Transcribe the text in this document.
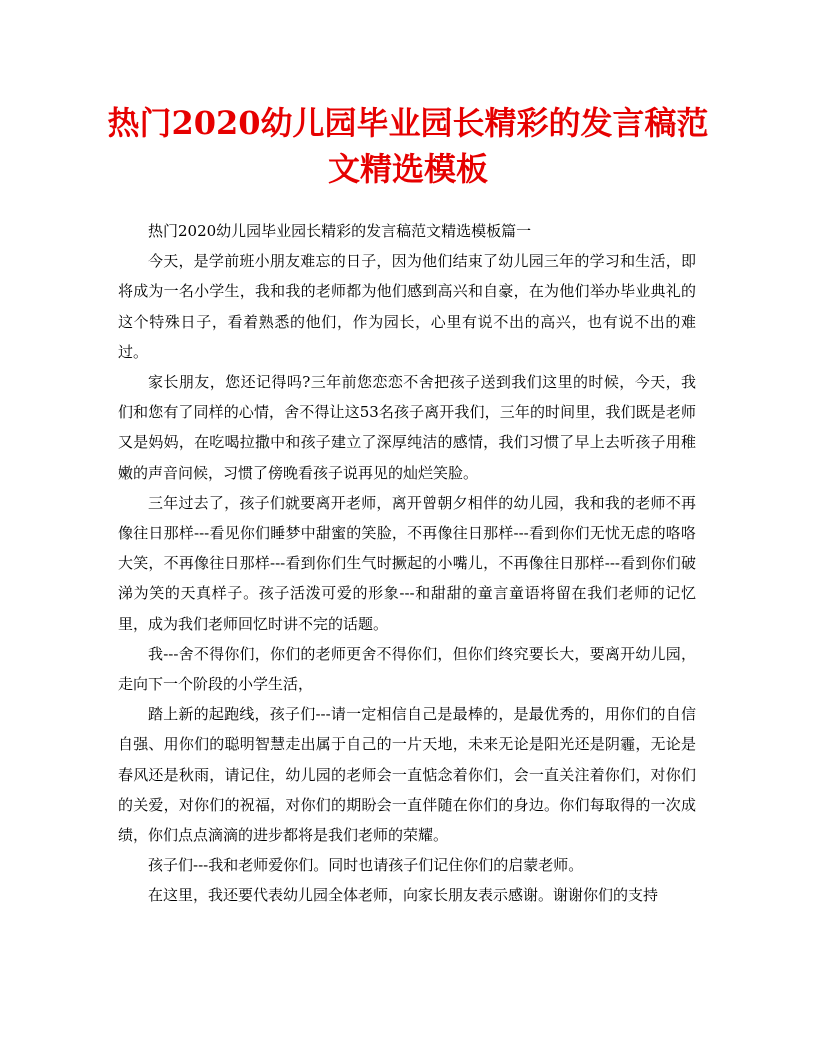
热门2020幼儿园毕业园长精彩的发言稿范文精选模板

热门2020幼儿园毕业园长精彩的发言稿范文精选模板篇一

今天，是学前班小朋友难忘的日子，因为他们结束了幼儿园三年的学习和生活，即将成为一名小学生，我和我的老师都为他们感到高兴和自豪，在为他们举办毕业典礼的这个特殊日子，看着熟悉的他们，作为园长，心里有说不出的高兴，也有说不出的难过。

家长朋友，您还记得吗?三年前您恋恋不舍把孩子送到我们这里的时候，今天，我们和您有了同样的心情，舍不得让这53名孩子离开我们，三年的时间里，我们既是老师又是妈妈，在吃喝拉撒中和孩子建立了深厚纯洁的感情，我们习惯了早上去听孩子用稚嫩的声音问候，习惯了傍晚看孩子说再见的灿烂笑脸。

三年过去了，孩子们就要离开老师，离开曾朝夕相伴的幼儿园，我和我的老师不再像往日那样---看见你们睡梦中甜蜜的笑脸，不再像往日那样---看到你们无忧无虑的咯咯大笑，不再像往日那样---看到你们生气时撅起的小嘴儿，不再像往日那样---看到你们破涕为笑的天真样子。孩子活泼可爱的形象---和甜甜的童言童语将留在我们老师的记忆里，成为我们老师回忆时讲不完的话题。

我---舍不得你们，你们的老师更舍不得你们，但你们终究要长大，要离开幼儿园，走向下一个阶段的小学生活，

踏上新的起跑线，孩子们---请一定相信自己是最棒的，是最优秀的，用你们的自信自强、用你们的聪明智慧走出属于自己的一片天地，未来无论是阳光还是阴霾，无论是春风还是秋雨，请记住，幼儿园的老师会一直惦念着你们，会一直关注着你们，对你们的关爱，对你们的祝福，对你们的期盼会一直伴随在你们的身边。你们每取得的一次成绩，你们点点滴滴的进步都将是我们老师的荣耀。

孩子们---我和老师爱你们。同时也请孩子们记住你们的启蒙老师。

在这里，我还要代表幼儿园全体老师，向家长朋友表示感谢。谢谢你们的支持
